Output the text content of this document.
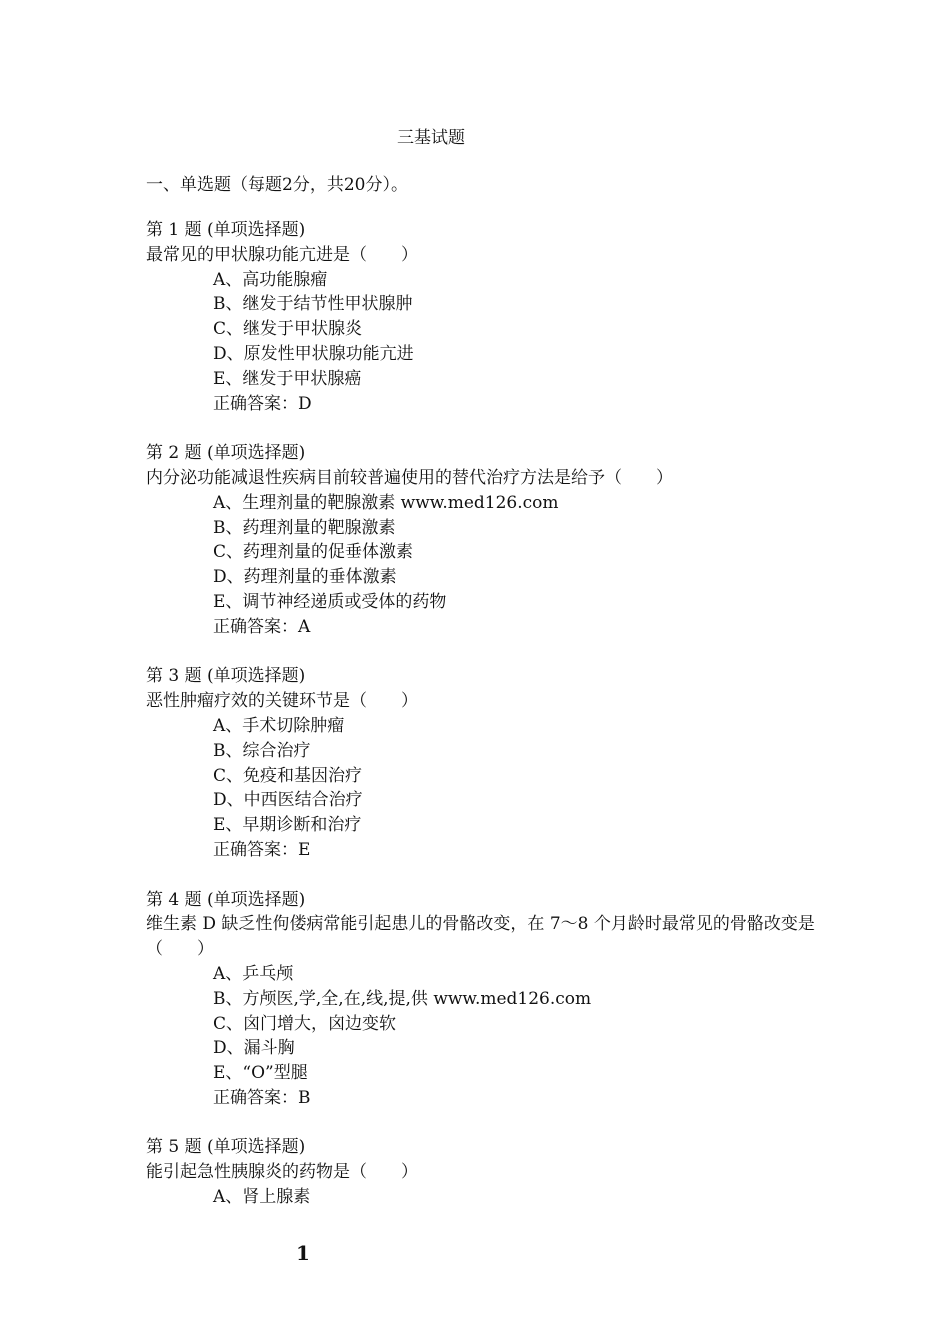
三基试题
一、单选题（每题2分，共20分）。

第 1 题 (单项选择题)

最常见的甲状腺功能亢进是（　　）

A、高功能腺瘤

B、继发于结节性甲状腺肿

C、继发于甲状腺炎

D、原发性甲状腺功能亢进

E、继发于甲状腺癌

正确答案：D

第 2 题 (单项选择题)

内分泌功能减退性疾病目前较普遍使用的替代治疗方法是给予（　　）

A、生理剂量的靶腺激素 www.med126.com

B、药理剂量的靶腺激素

C、药理剂量的促垂体激素

D、药理剂量的垂体激素

E、调节神经递质或受体的药物

正确答案：A

第 3 题 (单项选择题)

恶性肿瘤疗效的关键环节是（　　）

A、手术切除肿瘤

B、综合治疗

C、免疫和基因治疗

D、中西医结合治疗

E、早期诊断和治疗

正确答案：E

第 4 题 (单项选择题)

维生素 D 缺乏性佝偻病常能引起患儿的骨骼改变，在 7～8 个月龄时最常见的骨骼改变是（　　）

A、乒乓颅

B、方颅医,学,全,在,线,提,供 www.med126.com

C、囟门增大，囟边变软

D、漏斗胸

E、“O”型腿

正确答案：B

第 5 题 (单项选择题)

能引起急性胰腺炎的药物是（　　）

A、肾上腺素

1
